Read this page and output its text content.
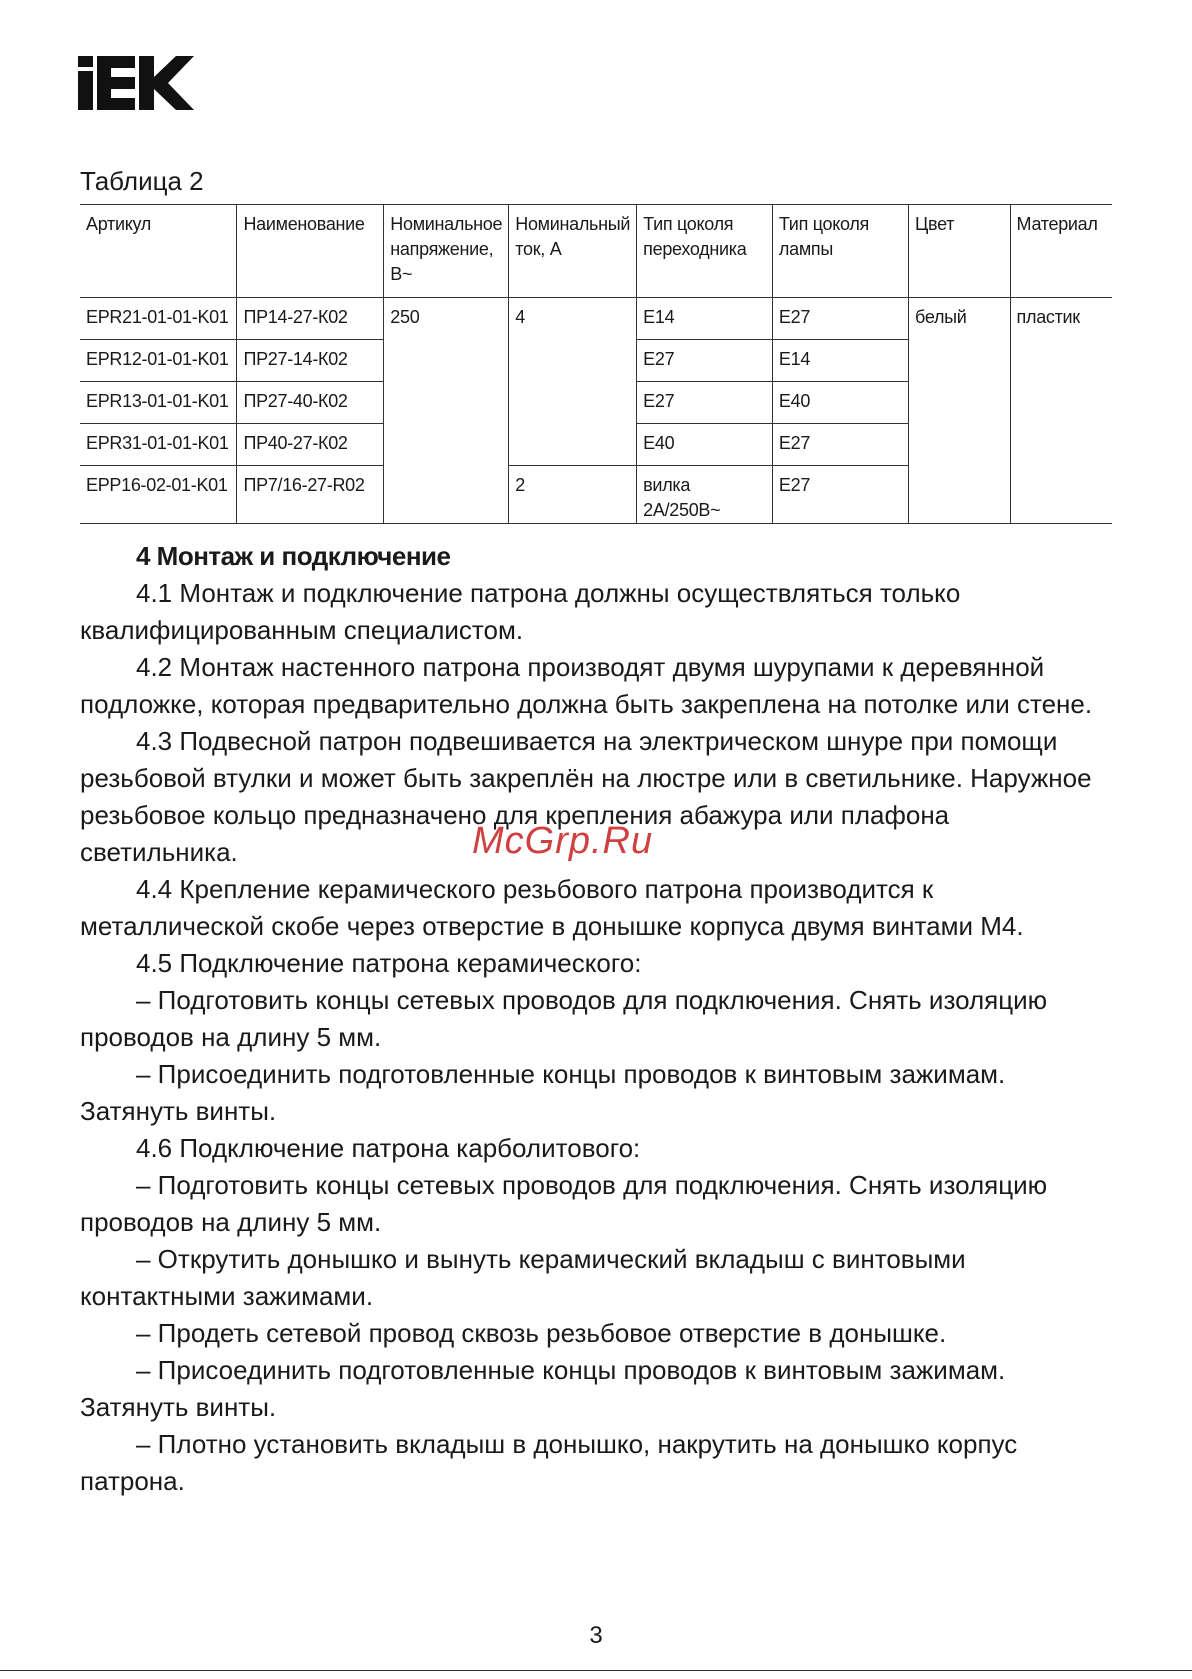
Таблица 2
Артикул	Наименование	Номинальное напряжение, В~	Номинальный ток, А	Тип цоколя переходника	Тип цоколя лампы	Цвет	Материал
EPR21-01-01-K01	ПР14-27-К02	250	4	E14	E27	белый	пластик
EPR12-01-01-K01	ПР27-14-К02			E27	E14		
EPR13-01-01-K01	ПР27-40-К02			E27	E40		
EPR31-01-01-K01	ПР40-27-К02			E40	E27		
EPP16-02-01-K01	ПР7/16-27-R02		2	вилка 2А/250В~	E27		
4 Монтаж и подключение

4.1 Монтаж и подключение патрона должны осуществляться только квалифицированным специалистом.

4.2 Монтаж настенного патрона производят двумя шурупами к деревянной подложке, которая предварительно должна быть закреплена на потолке или стене.

4.3 Подвесной патрон подвешивается на электрическом шнуре при помощи резьбовой втулки и может быть закреплён на люстре или в светильнике. Наружное резьбовое кольцо предназначено для крепления абажура или плафона светильника.

4.4 Крепление керамического резьбового патрона производится к металлической скобе через отверстие в донышке корпуса двумя винтами М4.

4.5 Подключение патрона керамического:

– Подготовить концы сетевых проводов для подключения. Снять изоляцию проводов на длину 5 мм.

– Присоединить подготовленные концы проводов к винтовым зажимам. Затянуть винты.

4.6 Подключение патрона карболитового:

– Подготовить концы сетевых проводов для подключения. Снять изоляцию проводов на длину 5 мм.

– Открутить донышко и вынуть керамический вкладыш с винтовыми контактными зажимами.

– Продеть сетевой провод сквозь резьбовое отверстие в донышке.

– Присоединить подготовленные концы проводов к винтовым зажимам. Затянуть винты.

– Плотно установить вкладыш в донышко, накрутить на донышко корпус патрона.

McGrp.Ru
3
